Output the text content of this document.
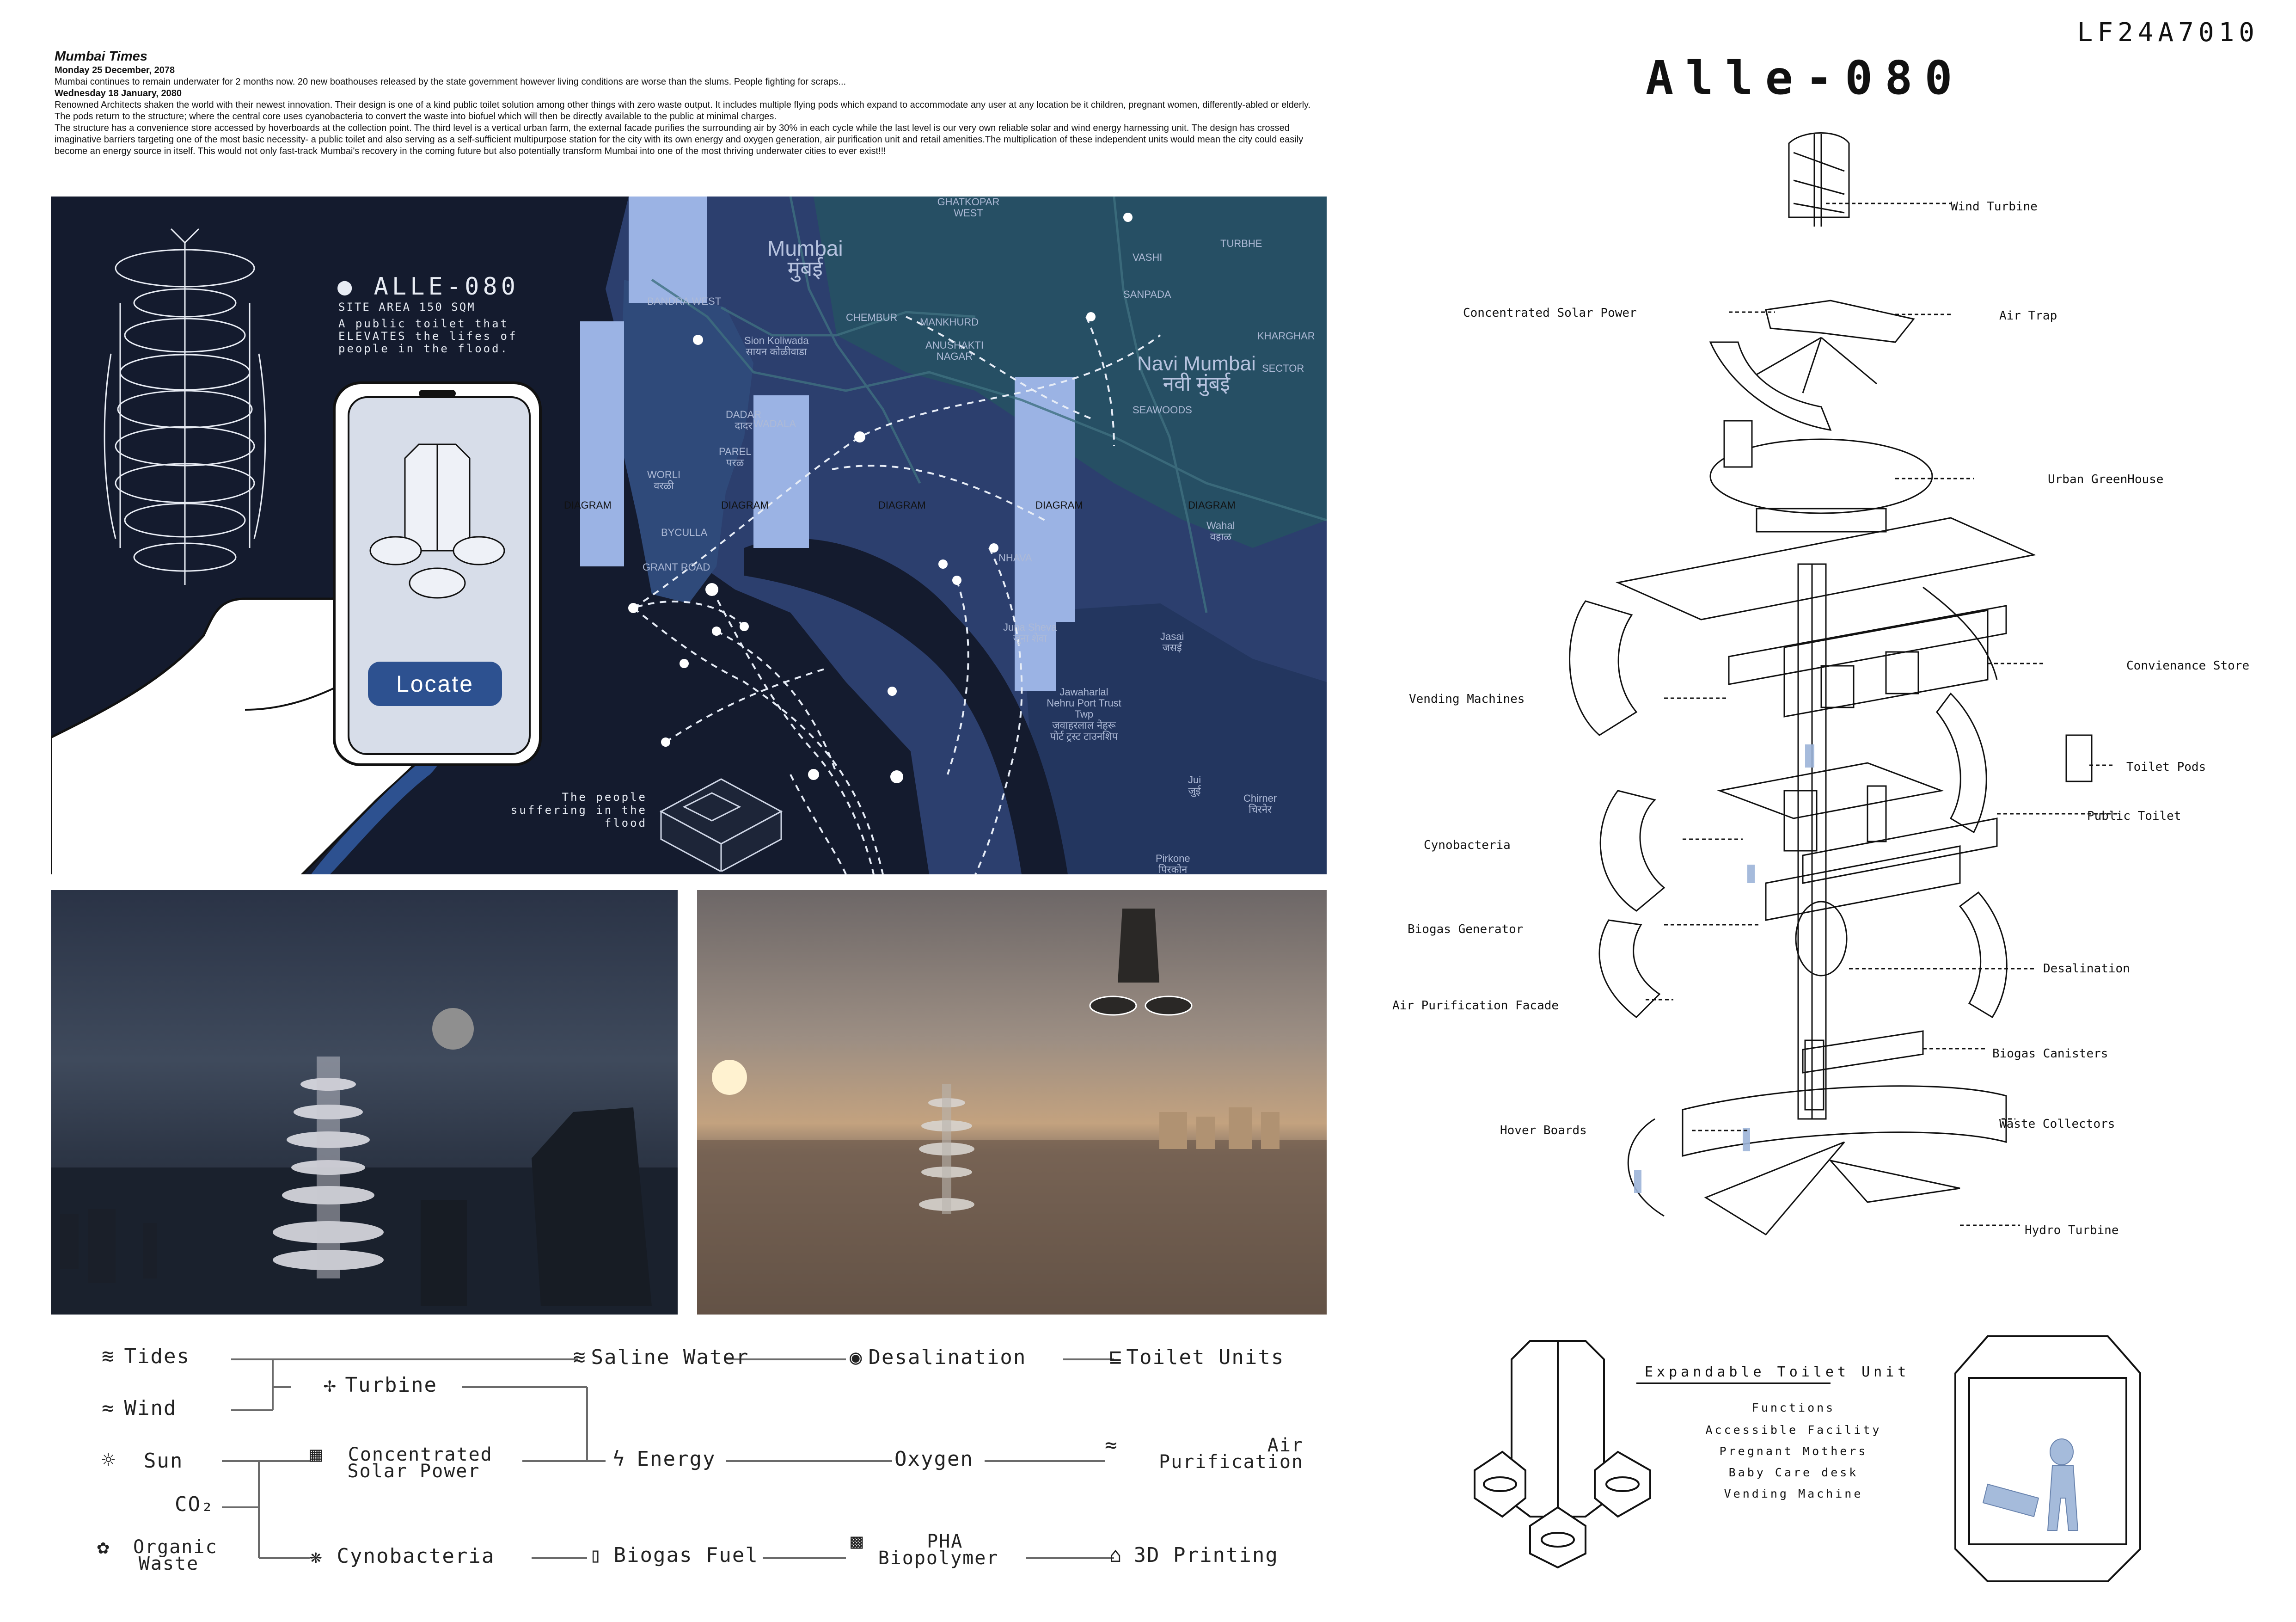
LF24A7010
Alle-080
Mumbai Times
Monday 25 December, 2078
Mumbai continues to remain underwater for 2 months now. 20 new boathouses released by the state government however living conditions are worse than the slums. People fighting for scraps...
Wednesday 18 January, 2080
Renowned Architects shaken the world with their newest innovation. Their design is one of a kind public toilet solution among other things with zero waste output. It includes multiple flying pods which expand to accommodate any user at any location be it children, pregnant women, differently-abled or elderly. The pods return to the structure; where the central core uses cyanobacteria to convert the waste into biofuel which will then be directly available to the public at minimal charges.
The structure has a convenience store accessed by hoverboards at the collection point. The third level is a vertical urban farm, the external facade purifies the surrounding air by 30% in each cycle while the last level is our very own reliable solar and wind energy harnessing unit. The design has crossed imaginative barriers targeting one of the most basic necessity- a public toilet and also serving as a self-sufficient multipurpose station for the city with its own energy and oxygen generation, air purification unit and retail amenities.The multiplication of these independent units would mean the city could easily become an energy source in itself. This would not only fast-track Mumbai's recovery in the coming future but also potentially transform Mumbai into one of the most thriving underwater cities to ever exist!!!
Mumbai
मुंबई
Navi Mumbai
नवी मुंबई
DIAGRAM	DIAGRAM	DIAGRAM	DIAGRAM	DIAGRAM
● ALLE-080
SITE AREA 150 SQM
A public toilet that ELEVATES the lifes of people in the flood.
Locate
The people suffering in the flood
Sion Koliwada
सायन कोळीवाडा
DADAR
दादर WADALA
PAREL
परळ
WORLI
वरळी
BYCULLA
GRANT ROAD
BANDRA WEST
CHEMBUR MANKHURD
ANUSHAKTI NAGAR
GHATKOPAR WEST
SANPADA
SEAWOODS
TURBHE
VASHI
KHARGHAR
SECTOR
Wahal
वहाळ
NHAVA
Juna Sheva
जुना शेवा
Jawaharlal Nehru Port Trust Twp
जवाहरलाल नेहरू पोर्ट ट्रस्ट टाउनशिप
Jasai
जसई
Jui
जुई
Chirner
चिरनेर
Pirkone
पिरकोन
≋ Tides
≈ Wind
☼ Sun
CO₂
✿ Organic Waste
✢ Turbine
▦ Concentrated Solar Power
❋ Cynobacteria
≋ Saline Water
ϟ Energy
▯ Biogas Fuel
◉ Desalination
Oxygen
▩	PHA Biopolymer
⊑ Toilet Units
≈	Air Purification
⌂ 3D Printing
Wind Turbine
Concentrated Solar Power	Air Trap
Urban GreenHouse
Convienance Store
Vending Machines
Toilet Pods
Public Toilet
Cynobacteria
Biogas Generator
Desalination
Air Purification Facade
Biogas Canisters
Hover Boards	Waste Collectors
Hydro Turbine
Expandable Toilet Unit
Functions
Accessible Facility
Pregnant Mothers
Baby Care desk
Vending Machine
